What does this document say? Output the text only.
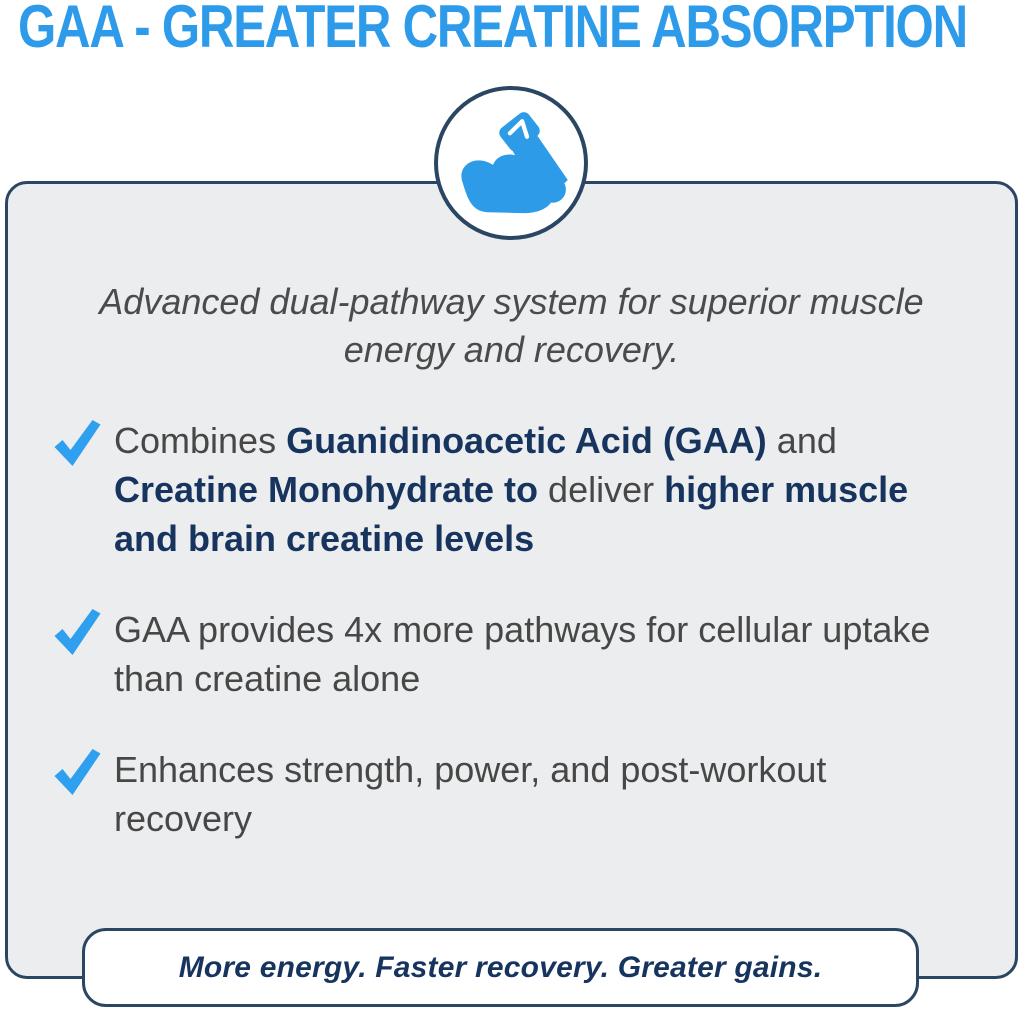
GAA - GREATER CREATINE ABSORPTION

Advanced dual-pathway system for superior muscle energy and recovery.

Combines Guanidinoacetic Acid (GAA) and Creatine Monohydrate to deliver higher muscle and brain creatine levels
GAA provides 4x more pathways for cellular uptake than creatine alone
Enhances strength, power, and post-workout recovery

More energy. Faster recovery. Greater gains.
